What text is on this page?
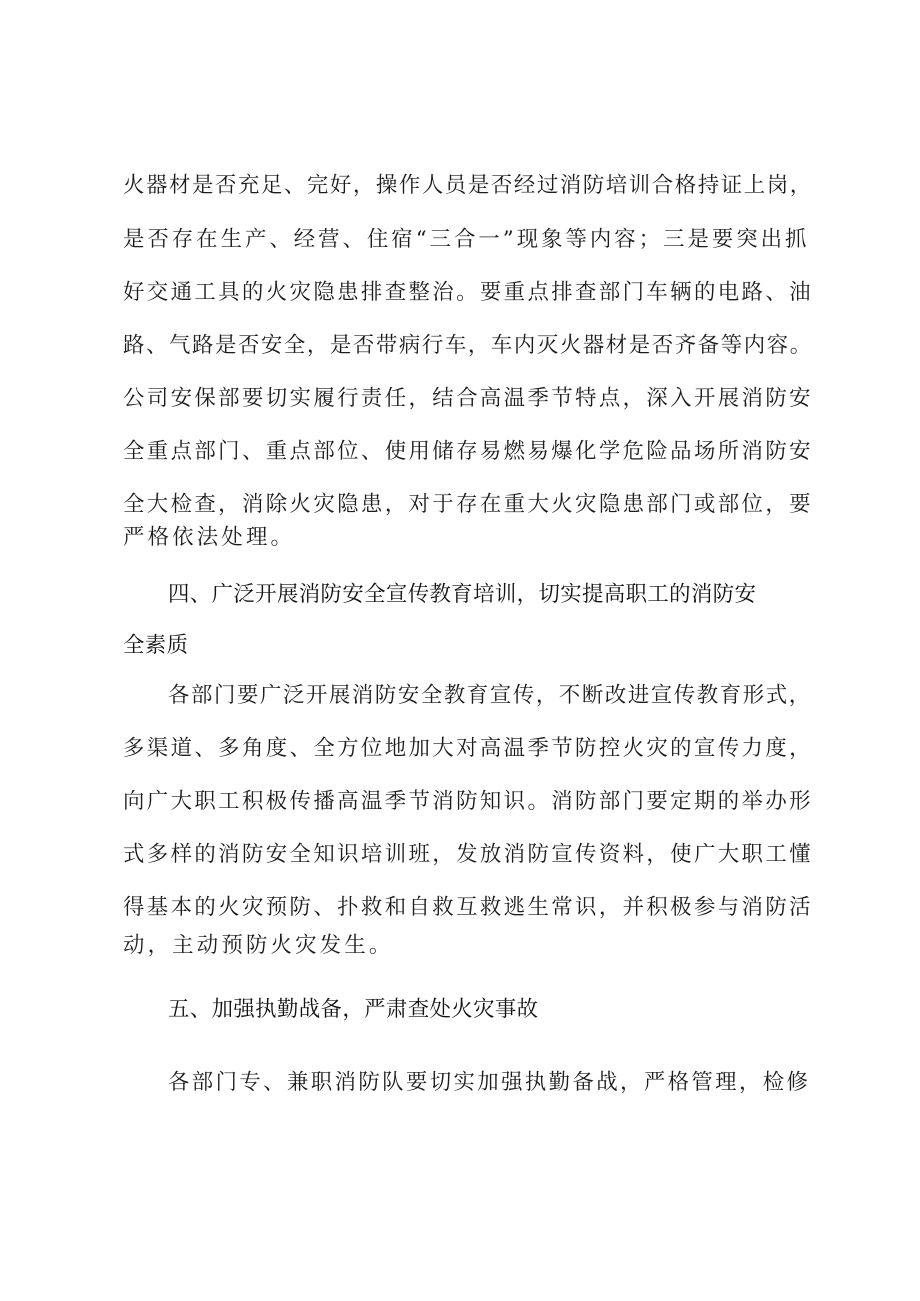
火器材是否充足、完好，操作人员是否经过消防培训合格持证上岗，
是否存在生产、经营、住宿“三合一”现象等内容；三是要突出抓
好交通工具的火灾隐患排查整治。要重点排查部门车辆的电路、油
路、气路是否安全，是否带病行车，车内灭火器材是否齐备等内容。
公司安保部要切实履行责任，结合高温季节特点，深入开展消防安
全重点部门、重点部位、使用储存易燃易爆化学危险品场所消防安
全大检查，消除火灾隐患，对于存在重大火灾隐患部门或部位，要
严格依法处理。
四、广泛开展消防安全宣传教育培训，切实提高职工的消防安
全素质
各部门要广泛开展消防安全教育宣传，不断改进宣传教育形式，
多渠道、多角度、全方位地加大对高温季节防控火灾的宣传力度，
向广大职工积极传播高温季节消防知识。消防部门要定期的举办形
式多样的消防安全知识培训班，发放消防宣传资料，使广大职工懂
得基本的火灾预防、扑救和自救互救逃生常识，并积极参与消防活
动，主动预防火灾发生。
五、加强执勤战备，严肃查处火灾事故
各部门专、兼职消防队要切实加强执勤备战，严格管理，检修
